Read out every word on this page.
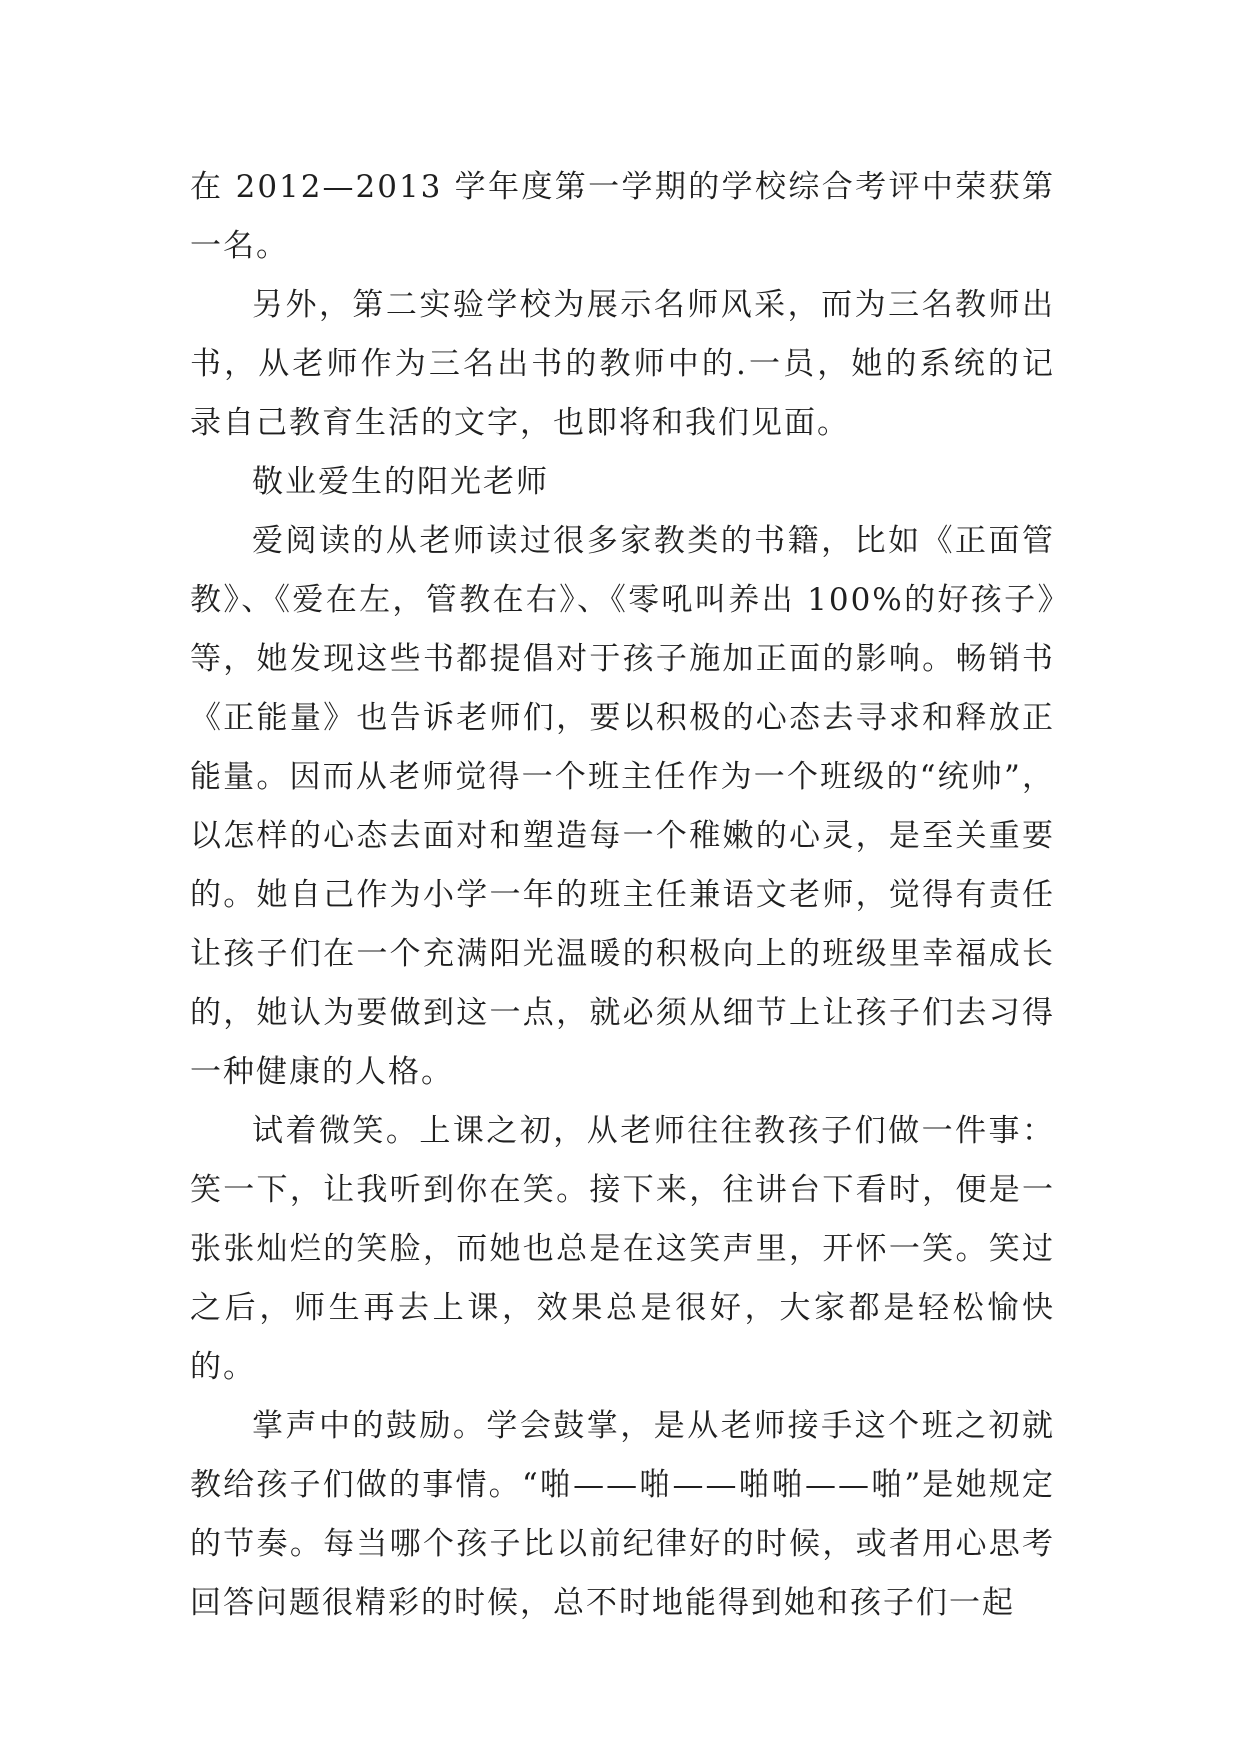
在 2012—2013 学年度第一学期的学校综合考评中荣获第一名。

另外，第二实验学校为展示名师风采，而为三名教师出书，从老师作为三名出书的教师中的.一员，她的系统的记录自己教育生活的文字，也即将和我们见面。

敬业爱生的阳光老师

爱阅读的从老师读过很多家教类的书籍，比如《正面管教》、《爱在左，管教在右》、《零吼叫养出 100%的好孩子》等，她发现这些书都提倡对于孩子施加正面的影响。畅销书《正能量》也告诉老师们，要以积极的心态去寻求和释放正能量。因而从老师觉得一个班主任作为一个班级的“统帅”，以怎样的心态去面对和塑造每一个稚嫩的心灵，是至关重要的。她自己作为小学一年的班主任兼语文老师，觉得有责任让孩子们在一个充满阳光温暖的积极向上的班级里幸福成长的，她认为要做到这一点，就必须从细节上让孩子们去习得一种健康的人格。

试着微笑。上课之初，从老师往往教孩子们做一件事：笑一下，让我听到你在笑。接下来，往讲台下看时，便是一张张灿烂的笑脸，而她也总是在这笑声里，开怀一笑。笑过之后，师生再去上课，效果总是很好，大家都是轻松愉快的。

掌声中的鼓励。学会鼓掌，是从老师接手这个班之初就教给孩子们做的事情。“啪——啪——啪啪——啪”是她规定的节奏。每当哪个孩子比以前纪律好的时候，或者用心思考回答问题很精彩的时候，总不时地能得到她和孩子们一起
